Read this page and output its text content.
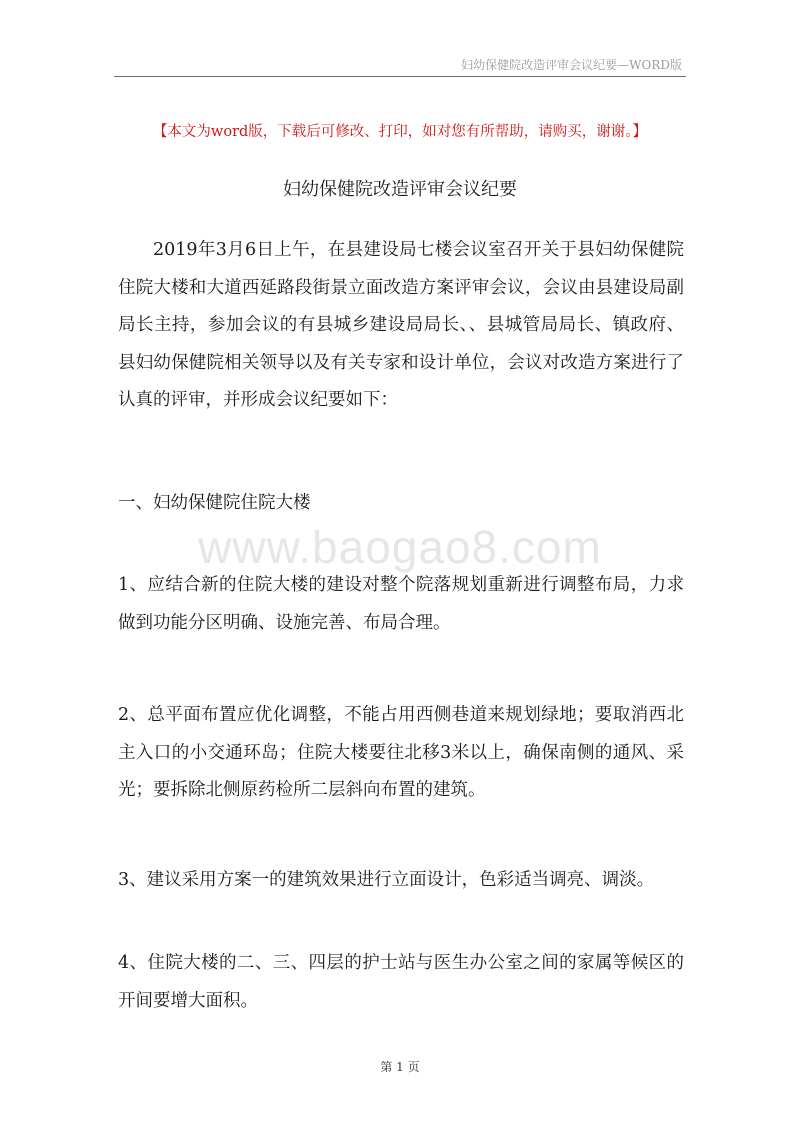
妇幼保健院改造评审会议纪要—WORD版
【本文为word版，下载后可修改、打印，如对您有所帮助，请购买，谢谢。】
妇幼保健院改造评审会议纪要
www.baogao8.com

2019年3月6日上午，在县建设局七楼会议室召开关于县妇幼保健院住院大楼和大道西延路段街景立面改造方案评审会议，会议由县建设局副局长主持，参加会议的有县城乡建设局局长、、县城管局局长、镇政府、县妇幼保健院相关领导以及有关专家和设计单位，会议对改造方案进行了认真的评审，并形成会议纪要如下：

一、妇幼保健院住院大楼

1、应结合新的住院大楼的建设对整个院落规划重新进行调整布局，力求做到功能分区明确、设施完善、布局合理。

2、总平面布置应优化调整，不能占用西侧巷道来规划绿地；要取消西北主入口的小交通环岛；住院大楼要往北移3米以上，确保南侧的通风、采光；要拆除北侧原药检所二层斜向布置的建筑。

3、建议采用方案一的建筑效果进行立面设计，色彩适当调亮、调淡。

4、住院大楼的二、三、四层的护士站与医生办公室之间的家属等候区的开间要增大面积。

第 1 页
